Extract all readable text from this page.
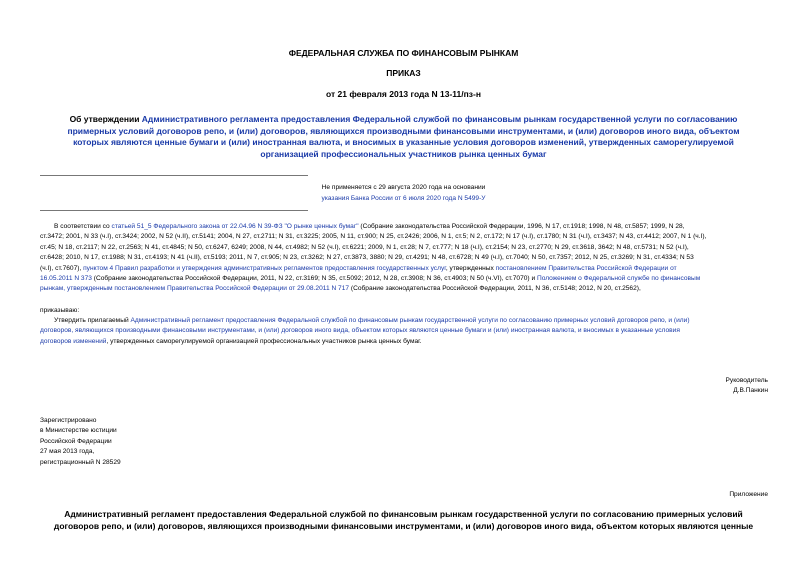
ФЕДЕРАЛЬНАЯ СЛУЖБА ПО ФИНАНСОВЫМ РЫНКАМ
ПРИКАЗ
от 21 февраля 2013 года N 13-11/пз-н
Об утверждении Административного регламента предоставления Федеральной службой по финансовым рынкам государственной услуги по согласованию
примерных условий договоров репо, и (или) договоров, являющихся производными финансовыми инструментами, и (или) договоров иного вида, объектом
которых являются ценные бумаги и (или) иностранная валюта, и вносимых в указанные условия договоров изменений, утвержденных саморегулируемой
организацией профессиональных участников рынка ценных бумаг
Не применяется с 29 августа 2020 года на основании
указания Банка России от 6 июля 2020 года N 5499-У
В соответствии со статьей 51_5 Федерального закона от 22.04.96 N 39-ФЗ "О рынке ценных бумаг" (Собрание законодательства Российской Федерации, 1996, N 17, ст.1918; 1998, N 48, ст.5857; 1999, N 28,
ст.3472; 2001, N 33 (ч.I), ст.3424; 2002, N 52 (ч.II), ст.5141; 2004, N 27, ст.2711; N 31, ст.3225; 2005, N 11, ст.900; N 25, ст.2426; 2006, N 1, ст.5; N 2, ст.172; N 17 (ч.I), ст.1780; N 31 (ч.I), ст.3437; N 43, ст.4412; 2007, N 1 (ч.I),
ст.45; N 18, ст.2117; N 22, ст.2563; N 41, ст.4845; N 50, ст.6247, 6249; 2008, N 44, ст.4982; N 52 (ч.I), ст.6221; 2009, N 1, ст.28; N 7, ст.777; N 18 (ч.I), ст.2154; N 23, ст.2770; N 29, ст.3618, 3642; N 48, ст.5731; N 52 (ч.I),
ст.6428; 2010, N 17, ст.1988; N 31, ст.4193; N 41 (ч.II), ст.5193; 2011, N 7, ст.905; N 23, ст.3262; N 27, ст.3873, 3880; N 29, ст.4291; N 48, ст.6728; N 49 (ч.I), ст.7040; N 50, ст.7357; 2012, N 25, ст.3269; N 31, ст.4334; N 53
(ч.I), ст.7607), пунктом 4 Правил разработки и утверждения административных регламентов предоставления государственных услуг, утвержденных постановлением Правительства Российской Федерации от
16.05.2011 N 373 (Собрание законодательства Российской Федерации, 2011, N 22, ст.3169; N 35, ст.5092; 2012, N 28, ст.3908; N 36, ст.4903; N 50 (ч.VI), ст.7070) и Положением о Федеральной службе по финансовым
рынкам, утвержденным постановлением Правительства Российской Федерации от 29.08.2011 N 717 (Собрание законодательства Российской Федерации, 2011, N 36, ст.5148; 2012, N 20, ст.2562),
приказываю:
Утвердить прилагаемый Административный регламент предоставления Федеральной службой по финансовым рынкам государственной услуги по согласованию примерных условий договоров репо, и (или)
договоров, являющихся производными финансовыми инструментами, и (или) договоров иного вида, объектом которых являются ценные бумаги и (или) иностранная валюта, и вносимых в указанные условия
договоров изменений, утвержденных саморегулируемой организацией профессиональных участников рынка ценных бумаг.
Руководитель
Д.В.Панкин
Зарегистрировано
в Министерстве юстиции
Российской Федерации
27 мая 2013 года,
регистрационный N 28529
Приложение
Административный регламент предоставления Федеральной службой по финансовым рынкам государственной услуги по согласованию примерных условий
договоров репо, и (или) договоров, являющихся производными финансовыми инструментами, и (или) договоров иного вида, объектом которых являются ценные
